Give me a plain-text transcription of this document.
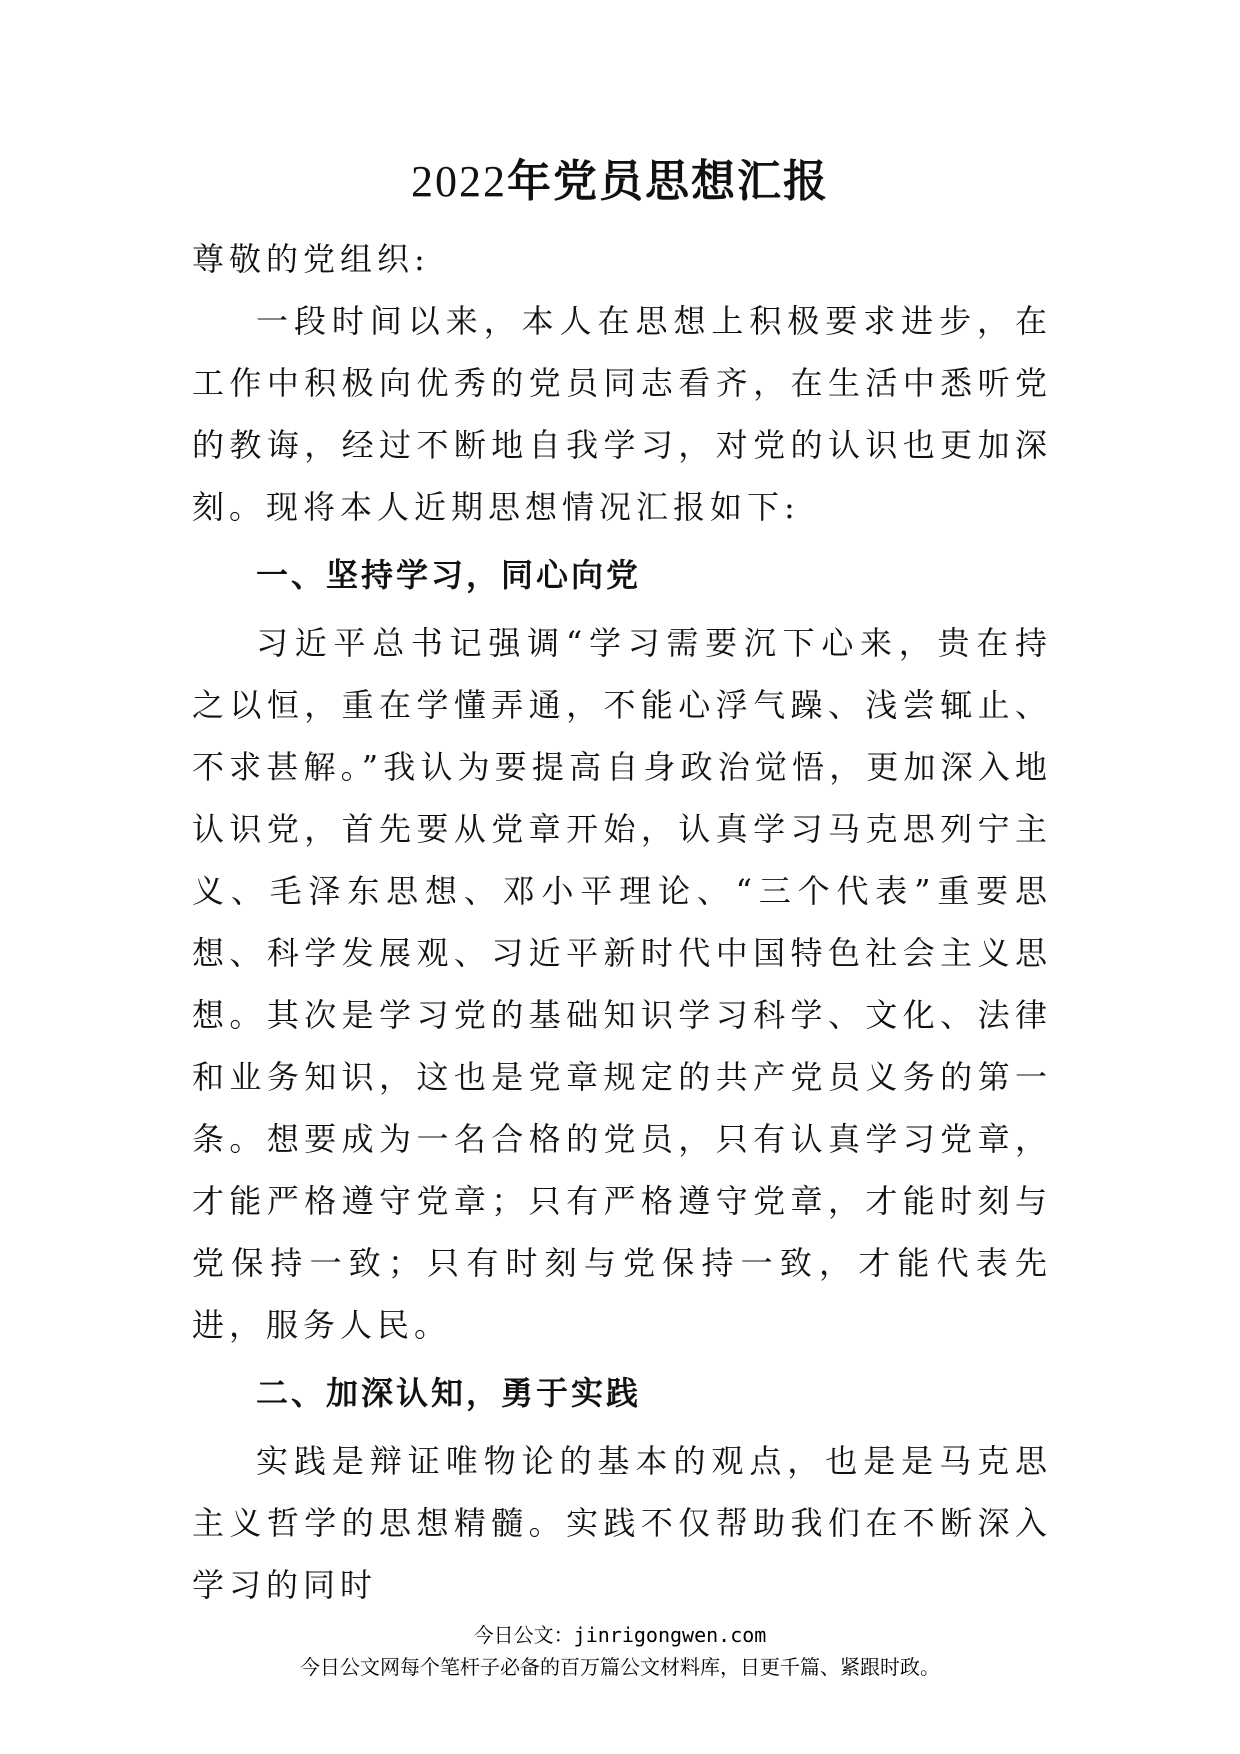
2022年党员思想汇报

尊敬的党组织:

一段时间以来，本人在思想上积极要求进步，在工作中积极向优秀的党员同志看齐，在生活中悉听党的教诲，经过不断地自我学习，对党的认识也更加深刻。现将本人近期思想情况汇报如下:

一、坚持学习，同心向党

习近平总书记强调“学习需要沉下心来，贵在持之以恒，重在学懂弄通，不能心浮气躁、浅尝辄止、不求甚解。”我认为要提高自身政治觉悟，更加深入地认识党，首先要从党章开始，认真学习马克思列宁主义、毛泽东思想、邓小平理论、“三个代表”重要思想、科学发展观、习近平新时代中国特色社会主义思想。其次是学习党的基础知识学习科学、文化、法律和业务知识，这也是党章规定的共产党员义务的第一条。想要成为一名合格的党员，只有认真学习党章，才能严格遵守党章；只有严格遵守党章，才能时刻与党保持一致；只有时刻与党保持一致，才能代表先进，服务人民。

二、加深认知，勇于实践

实践是辩证唯物论的基本的观点，也是是马克思主义哲学的思想精髓。实践不仅帮助我们在不断深入学习的同时

今日公文：jinrigongwen.com
今日公文网每个笔杆子必备的百万篇公文材料库，日更千篇、紧跟时政。
